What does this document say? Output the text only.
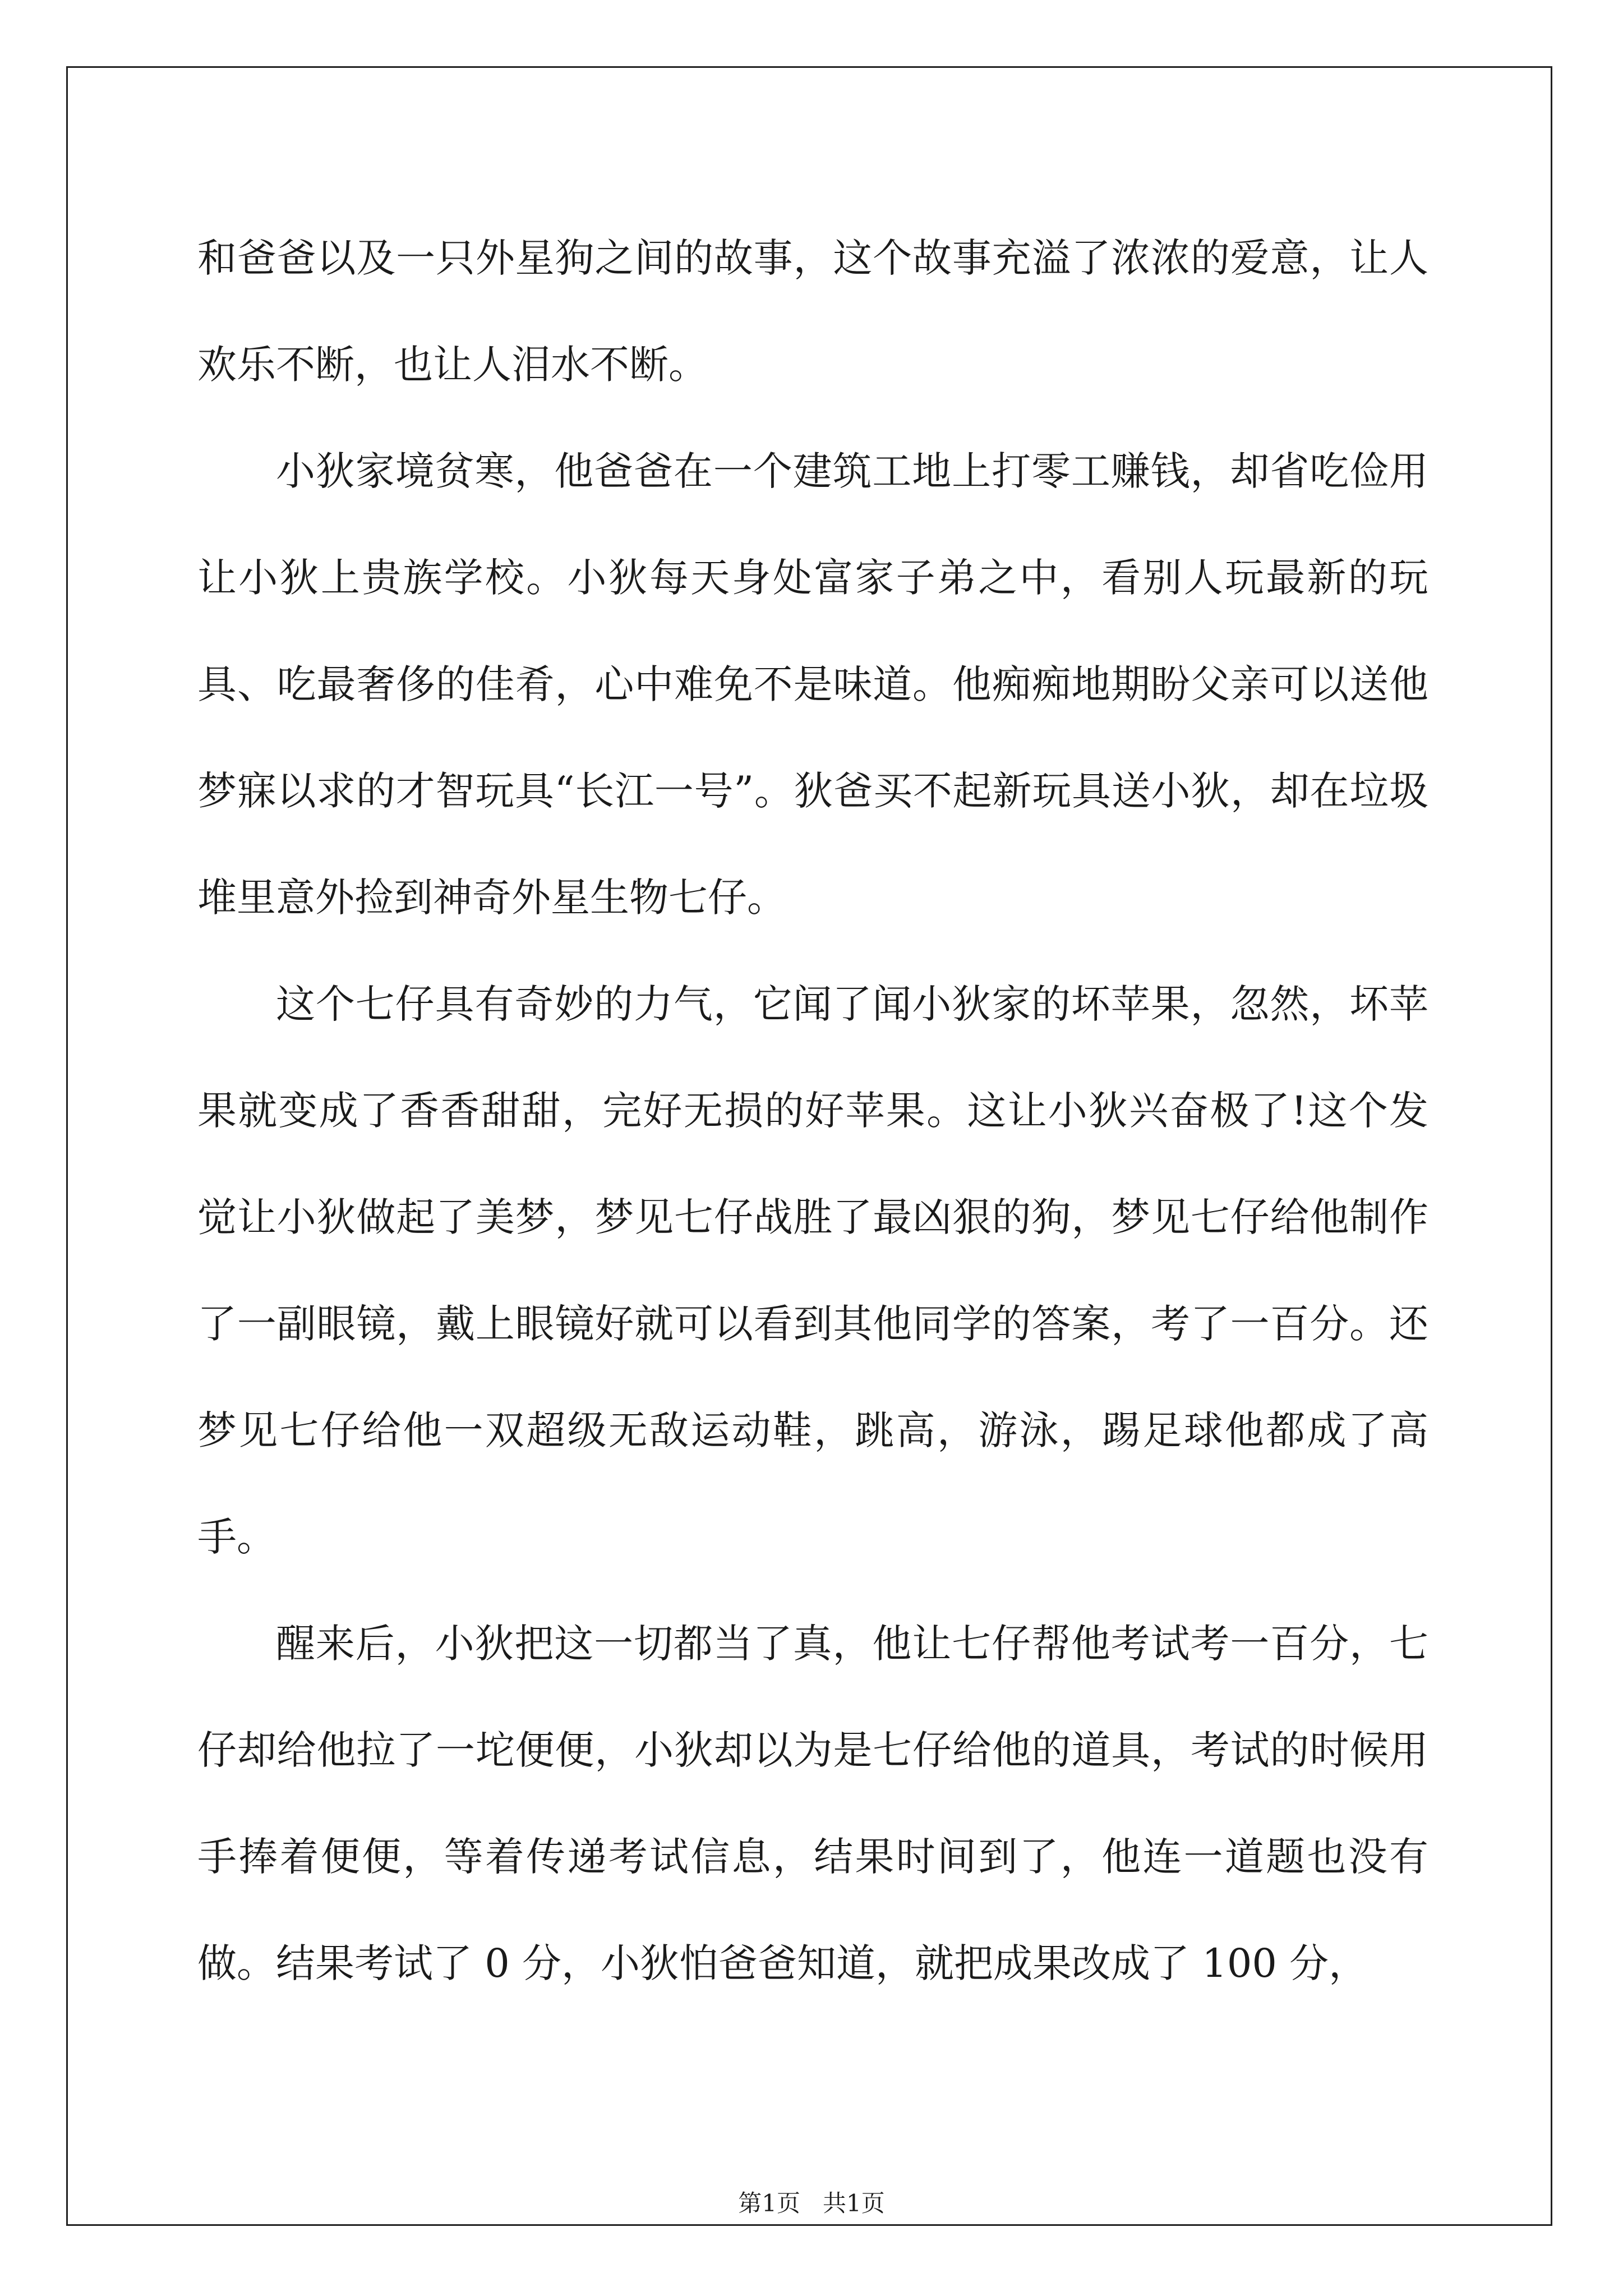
和爸爸以及一只外星狗之间的故事，这个故事充溢了浓浓的爱意，让人欢乐不断，也让人泪水不断。

小狄家境贫寒，他爸爸在一个建筑工地上打零工赚钱，却省吃俭用让小狄上贵族学校。小狄每天身处富家子弟之中，看别人玩最新的玩具、吃最奢侈的佳肴，心中难免不是味道。他痴痴地期盼父亲可以送他梦寐以求的才智玩具“长江一号”。狄爸买不起新玩具送小狄，却在垃圾堆里意外捡到神奇外星生物七仔。

这个七仔具有奇妙的力气，它闻了闻小狄家的坏苹果，忽然，坏苹果就变成了香香甜甜，完好无损的好苹果。这让小狄兴奋极了!这个发觉让小狄做起了美梦，梦见七仔战胜了最凶狠的狗，梦见七仔给他制作了一副眼镜，戴上眼镜好就可以看到其他同学的答案，考了一百分。还梦见七仔给他一双超级无敌运动鞋，跳高，游泳，踢足球他都成了高手。

醒来后，小狄把这一切都当了真，他让七仔帮他考试考一百分，七仔却给他拉了一坨便便，小狄却以为是七仔给他的道具，考试的时候用手捧着便便，等着传递考试信息，结果时间到了，他连一道题也没有做。结果考试了 0 分，小狄怕爸爸知道，就把成果改成了 100 分，

第1页   共1页
